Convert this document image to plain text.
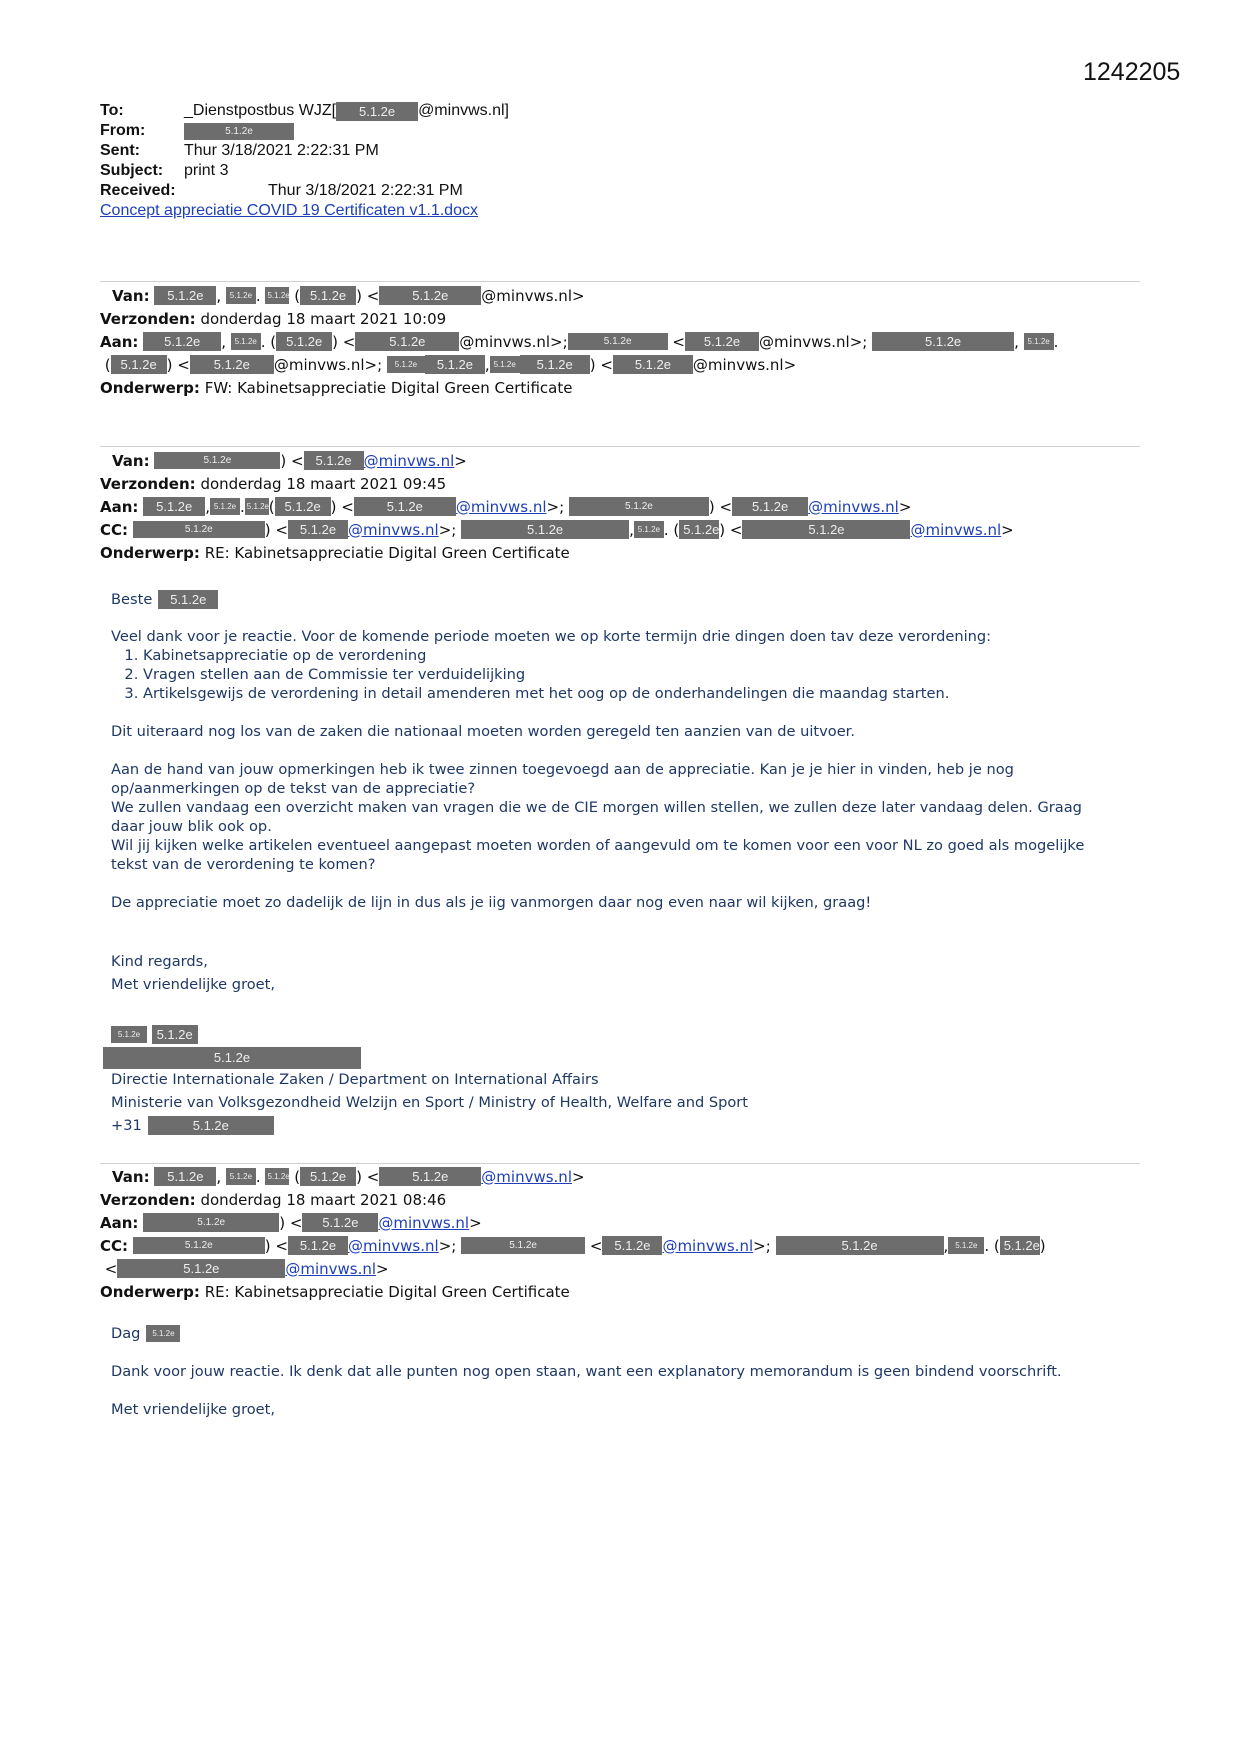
1242205
To:	_Dienstpostbus WJZ[	5.1.2e	@minvws.nl]
From:	5.1.2e
Sent:	Thur 3/18/2021 2:22:31 PM
Subject:	print 3
Received:	Thur 3/18/2021 2:22:31 PM
Concept appreciatie COVID 19 Certificaten v1.1.docx
Van:
	5.1.2e , 5.1.2e . 5.1.2e ( 5.1.2e ) <	5.1.2e	@minvws.nl>
Verzonden:
donderdag 18 maart 2021 10:09
Aan:
	5.1.2e	, 5.1.2e . ( 5.1.2e ) <	5.1.2e	@minvws.nl>;	5.1.2e	<	5.1.2e	@minvws.nl>;
	5.1.2e	, 5.1.2e .
( 5.1.2e ) <	5.1.2e	@minvws.nl>;
	5.1.2e	5.1.2e , 5.1.2e	5.1.2e	) <	5.1.2e	@minvws.nl>
Onderwerp:
FW: Kabinetsappreciatie Digital Green Certificate
Van:
	5.1.2e	) < 5.1.2e @minvws.nl >
Verzonden:
donderdag 18 maart 2021 09:45
Aan:
	5.1.2e , 5.1.2e . 5.1.2e ( 5.1.2e ) <	5.1.2e	@minvws.nl >;	5.1.2e	) <	5.1.2e	@minvws.nl >
CC:
	5.1.2e	) < 5.1.2e @minvws.nl >;	5.1.2e	, 5.1.2e . ( 5.1.2e ) <	5.1.2e	@minvws.nl >
Onderwerp:
RE: Kabinetsappreciatie Digital Green Certificate

Beste	5.1.2e

Veel dank voor je reactie. Voor de komende periode moeten we op korte termijn drie dingen doen tav deze verordening:

1. Kabinetsappreciatie op de verordening
2. Vragen stellen aan de Commissie ter verduidelijking
3. Artikelsgewijs de verordening in detail amenderen met het oog op de onderhandelingen die maandag starten.

Dit uiteraard nog los van de zaken die nationaal moeten worden geregeld ten aanzien van de uitvoer.

Aan de hand van jouw opmerkingen heb ik twee zinnen toegevoegd aan de appreciatie. Kan je je hier in vinden, heb je nog op/aanmerkingen op de tekst van de appreciatie?

We zullen vandaag een overzicht maken van vragen die we de CIE morgen willen stellen, we zullen deze later vandaag delen. Graag daar jouw blik ook op.

Wil jij kijken welke artikelen eventueel aangepast moeten worden of aangevuld om te komen voor een voor NL zo goed als mogelijke tekst van de verordening te komen?

De appreciatie moet zo dadelijk de lijn in dus als je iig vanmorgen daar nog even naar wil kijken, graag!

Kind regards,

Met vriendelijke groet,

5.1.2e 5.1.2e

5.1.2e

Directie Internationale Zaken / Department on International Affairs
Ministerie van Volksgezondheid Welzijn en Sport / Ministry of Health, Welfare and Sport
+31	5.1.2e
Van:
	5.1.2e , 5.1.2e . 5.1.2e ( 5.1.2e ) <	5.1.2e	@minvws.nl >
Verzonden:
donderdag 18 maart 2021 08:46
Aan:
	5.1.2e	) <	5.1.2e	@minvws.nl >
CC:
	5.1.2e	) < 5.1.2e @minvws.nl >;	5.1.2e	< 5.1.2e @minvws.nl >;	5.1.2e	, 5.1.2e . ( 5.1.2e )
<	5.1.2e	@minvws.nl >
Onderwerp:
RE: Kabinetsappreciatie Digital Green Certificate

Dag	5.1.2e

Dank voor jouw reactie. Ik denk dat alle punten nog open staan, want een explanatory memorandum is geen bindend voorschrift.

Met vriendelijke groet,
